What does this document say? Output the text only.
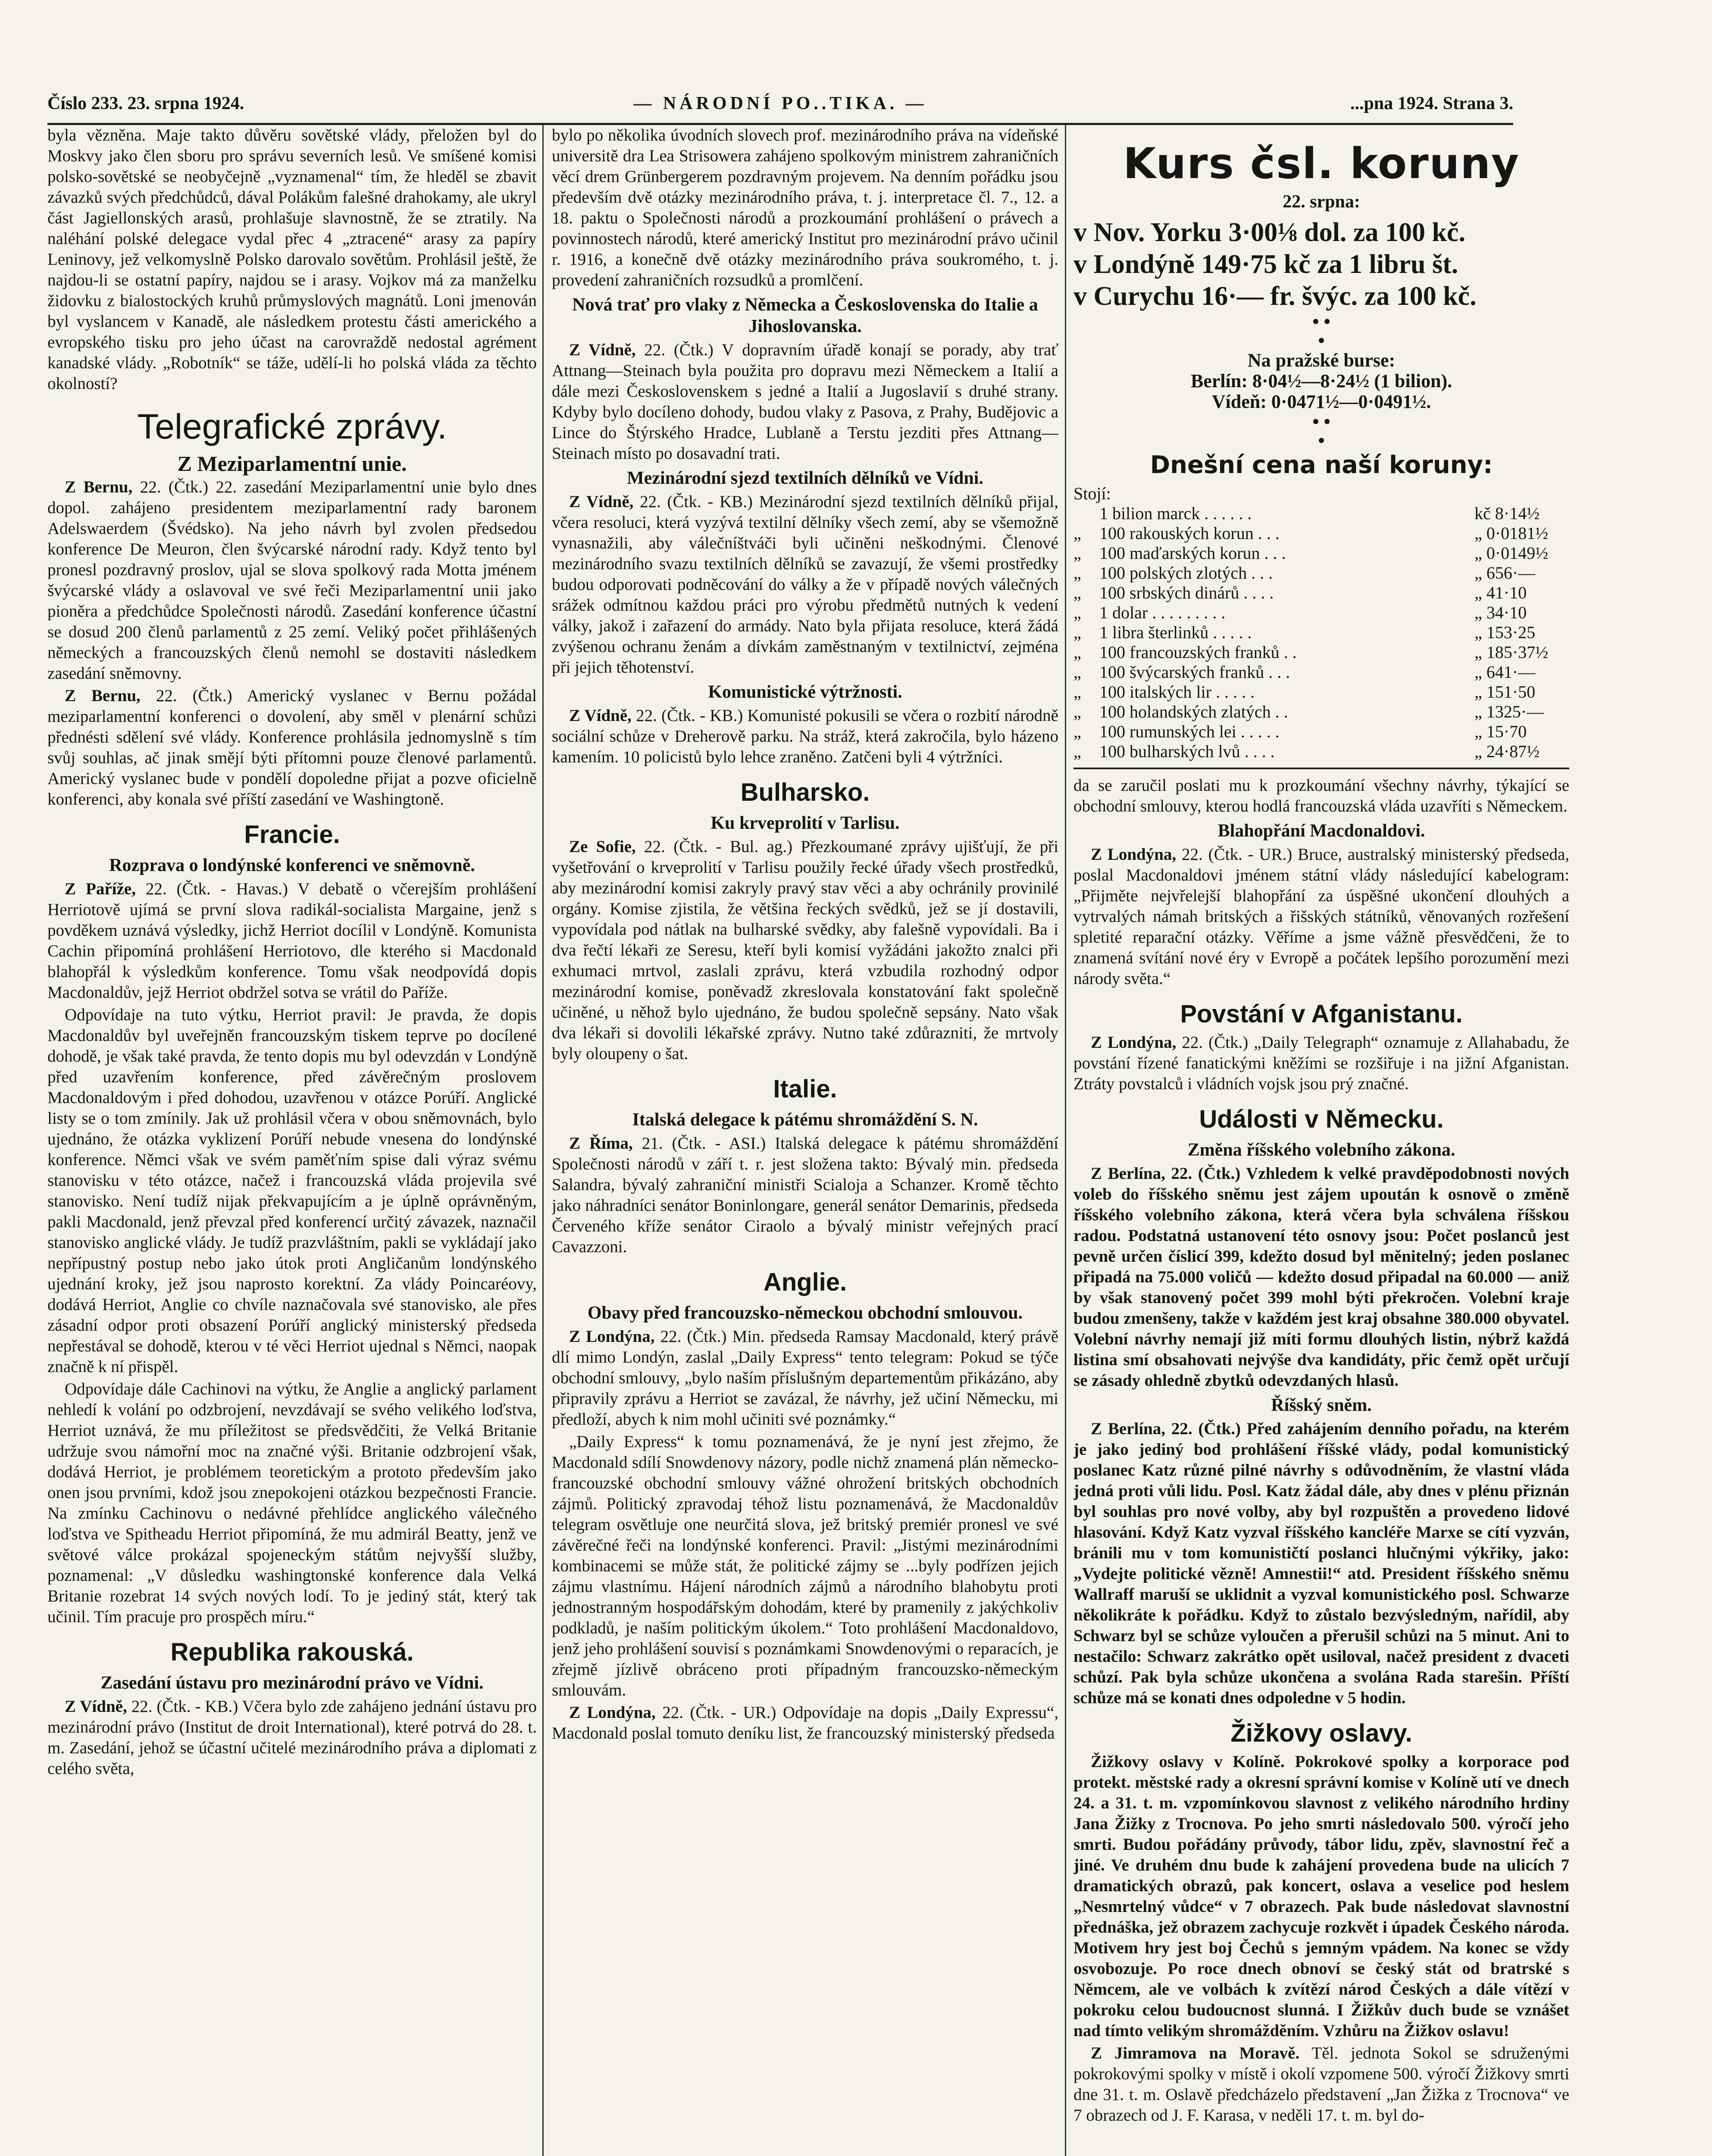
Číslo 233. 23. srpna 1924.	— NÁRODNÍ PO..TIKA. —	...pna 1924. Strana 3.

byla vězněna. Maje takto důvěru sovětské vlády, přeložen byl do Moskvy jako člen sboru pro správu severních lesů. Ve smíšené komisi polsko-sovětské se neobyčejně „vyznamenal“ tím, že hleděl se zbavit závazků svých předchůdců, dával Polákům falešné drahokamy, ale ukryl část Jagiellonských arasů, prohlašuje slavnostně, že se ztratily. Na naléhání polské delegace vydal přec 4 „ztracené“ arasy za papíry Leninovy, jež velkomyslně Polsko darovalo sovětům. Prohlásil ještě, že najdou-li se ostatní papíry, najdou se i arasy. Vojkov má za manželku židovku z bialostockých kruhů průmyslových magnátů. Loni jmenován byl vyslancem v Kanadě, ale následkem protestu části amerického a evropského tisku pro jeho účast na carovraždě nedostal agrément kanadské vlády. „Robotník“ se táže, udělí-li ho polská vláda za těchto okolností?

Telegrafické zprávy.
Z Meziparlamentní unie.

Z Bernu, 22. (Čtk.) 22. zasedání Meziparlamentní unie bylo dnes dopol. zahájeno presidentem meziparlamentní rady baronem Adelswaerdem (Švédsko). Na jeho návrh byl zvolen předsedou konference De Meuron, člen švýcarské národní rady. Když tento byl pronesl pozdravný proslov, ujal se slova spolkový rada Motta jménem švýcarské vlády a oslavoval ve své řeči Meziparlamentní unii jako pioněra a předchůdce Společnosti národů. Zasedání konference účastní se dosud 200 členů parlamentů z 25 zemí. Veliký počet přihlášených německých a francouzských členů nemohl se dostaviti následkem zasedání sněmovny.

Z Bernu, 22. (Čtk.) Americký vyslanec v Bernu požádal meziparlamentní konferenci o dovolení, aby směl v plenární schůzi přednésti sdělení své vlády. Konference prohlásila jednomyslně s tím svůj souhlas, ač jinak smějí býti přítomni pouze členové parlamentů. Americký vyslanec bude v pondělí dopoledne přijat a pozve oficielně konferenci, aby konala své příští zasedání ve Washingtoně.

Francie.
Rozprava o londýnské konferenci ve sněmovně.

Z Paříže, 22. (Čtk. - Havas.) V debatě o včerejším prohlášení Herriotově ujímá se první slova radikál-socialista Margaine, jenž s povděkem uznává výsledky, jichž Herriot docílil v Londýně. Komunista Cachin připomíná prohlášení Herriotovo, dle kterého si Macdonald blahopřál k výsledkům konference. Tomu však neodpovídá dopis Macdonaldův, jejž Herriot obdržel sotva se vrátil do Paříže.

Odpovídaje na tuto výtku, Herriot pravil: Je pravda, že dopis Macdonaldův byl uveřejněn francouzským tiskem teprve po docílené dohodě, je však také pravda, že tento dopis mu byl odevzdán v Londýně před uzavřením konference, před závěrečným proslovem Macdonaldovým i před dohodou, uzavřenou v otázce Porúří. Anglické listy se o tom zmínily. Jak už prohlásil včera v obou sněmovnách, bylo ujednáno, že otázka vyklizení Porúří nebude vnesena do londýnské konference. Němci však ve svém paměťním spise dali výraz svému stanovisku v této otázce, načež i francouzská vláda projevila své stanovisko. Není tudíž nijak překvapujícím a je úplně oprávněným, pakli Macdonald, jenž převzal před konferencí určitý závazek, naznačil stanovisko anglické vlády. Je tudíž prazvláštním, pakli se vykládají jako nepřípustný postup nebo jako útok proti Angličanům londýnského ujednání kroky, jež jsou naprosto korektní. Za vlády Poincaréovy, dodává Herriot, Anglie co chvíle naznačovala své stanovisko, ale přes zásadní odpor proti obsazení Porúří anglický ministerský předseda nepřestával se dohodě, kterou v té věci Herriot ujednal s Němci, naopak značně k ní přispěl.

Odpovídaje dále Cachinovi na výtku, že Anglie a anglický parlament nehledí k volání po odzbrojení, nevzdávají se svého velikého loďstva, Herriot uznává, že mu příležitost se předsvědčiti, že Velká Britanie udržuje svou námořní moc na značné výši. Britanie odzbrojení však, dodává Herriot, je problémem teoretickým a prototo především jako onen jsou prvními, kdož jsou znepokojeni otázkou bezpečnosti Francie. Na zmínku Cachinovu o nedávné přehlídce anglického válečného loďstva ve Spitheadu Herriot připomíná, že mu admirál Beatty, jenž ve světové válce prokázal spojeneckým státům nejvyšší služby, poznamenal: „V důsledku washingtonské konference dala Velká Britanie rozebrat 14 svých nových lodí. To je jediný stát, který tak učinil. Tím pracuje pro prospěch míru.“

Republika rakouská.
Zasedání ústavu pro mezinárodní právo ve Vídni.

Z Vídně, 22. (Čtk. - KB.) Včera bylo zde zahájeno jednání ústavu pro mezinárodní právo (Institut de droit International), které potrvá do 28. t. m. Zasedání, jehož se účastní učitelé mezinárodního práva a diplomati z celého světa,

bylo po několika úvodních slovech prof. mezinárodního práva na vídeňské universitě dra Lea Strisowera zahájeno spolkovým ministrem zahraničních věcí drem Grünbergerem pozdravným projevem. Na denním pořádku jsou především dvě otázky mezinárodního práva, t. j. interpretace čl. 7., 12. a 18. paktu o Společnosti národů a prozkoumání prohlášení o právech a povinnostech národů, které americký Institut pro mezinárodní právo učinil r. 1916, a konečně dvě otázky mezinárodního práva soukromého, t. j. provedení zahraničních rozsudků a promlčení.

Nová trať pro vlaky z Německa a Československa do Italie a Jihoslovanska.

Z Vídně, 22. (Čtk.) V dopravním úřadě konají se porady, aby trať Attnang—Steinach byla použita pro dopravu mezi Německem a Italií a dále mezi Československem s jedné a Italií a Jugoslavií s druhé strany. Kdyby bylo docíleno dohody, budou vlaky z Pasova, z Prahy, Budějovic a Lince do Štýrského Hradce, Lublaně a Terstu jezditi přes Attnang—Steinach místo po dosavadní trati.

Mezinárodní sjezd textilních dělníků ve Vídni.

Z Vídně, 22. (Čtk. - KB.) Mezinárodní sjezd textilních dělníků přijal, včera resoluci, která vyzývá textilní dělníky všech zemí, aby se všemožně vynasnažili, aby válečníštváči byli učiněni neškodnými. Členové mezinárodního svazu textilních dělníků se zavazují, že všemi prostředky budou odporovati podněcování do války a že v případě nových válečných srážek odmítnou každou práci pro výrobu předmětů nutných k vedení války, jakož i zařazení do armády. Nato byla přijata resoluce, která žádá zvýšenou ochranu ženám a dívkám zaměstnaným v textilnictví, zejména při jejich těhotenství.

Komunistické výtržnosti.

Z Vídně, 22. (Čtk. - KB.) Komunisté pokusili se včera o rozbití národně sociální schůze v Dreherově parku. Na stráž, která zakročila, bylo házeno kamením. 10 policistů bylo lehce zraněno. Zatčeni byli 4 výtržníci.

Bulharsko.
Ku krveprolití v Tarlisu.

Ze Sofie, 22. (Čtk. - Bul. ag.) Přezkoumané zprávy ujišťují, že při vyšetřování o krveprolití v Tarlisu použily řecké úřady všech prostředků, aby mezinárodní komisi zakryly pravý stav věci a aby ochránily provinilé orgány. Komise zjistila, že většina řeckých svědků, jež se jí dostavili, vypovídala pod nátlak na bulharské svědky, aby falešně vypovídali. Ba i dva řečtí lékaři ze Seresu, kteří byli komisí vyžádáni jakožto znalci při exhumaci mrtvol, zaslali zprávu, která vzbudila rozhodný odpor mezinárodní komise, poněvadž zkreslovala konstatování fakt společně učiněné, u něhož bylo ujednáno, že budou společně sepsány. Nato však dva lékaři si dovolili lékařské zprávy. Nutno také zdůrazniti, že mrtvoly byly oloupeny o šat.

Italie.
Italská delegace k pátému shromáždění S. N.

Z Říma, 21. (Čtk. - ASI.) Italská delegace k pátému shromáždění Společnosti národů v září t. r. jest složena takto: Bývalý min. předseda Salandra, bývalý zahraniční ministři Scialoja a Schanzer. Kromě těchto jako náhradníci senátor Boninlongare, generál senátor Demarinis, předseda Červeného kříže senátor Ciraolo a bývalý ministr veřejných prací Cavazzoni.

Anglie.
Obavy před francouzsko-německou obchodní smlouvou.

Z Londýna, 22. (Čtk.) Min. předseda Ramsay Macdonald, který právě dlí mimo Londýn, zaslal „Daily Express“ tento telegram: Pokud se týče obchodní smlouvy, „bylo naším příslušným departementům přikázáno, aby připravily zprávu a Herriot se zavázal, že návrhy, jež učiní Německu, mi předloží, abych k nim mohl učiniti své poznámky.“

„Daily Express“ k tomu poznamenává, že je nyní jest zřejmo, že Macdonald sdílí Snowdenovy názory, podle nichž znamená plán německo-francouzské obchodní smlouvy vážné ohrožení britských obchodních zájmů. Politický zpravodaj téhož listu poznamenává, že Macdonaldův telegram osvětluje one neurčitá slova, jež britský premiér pronesl ve své závěrečné řeči na londýnské konferenci. Pravil: „Jistými mezinárodními kombinacemi se může stát, že politické zájmy se ...byly podřízen jejich zájmu vlastnímu. Hájení národních zájmů a národního blahobytu proti jednostranným hospodářským dohodám, které by pramenily z jakýchkoliv podkladů, je naším politickým úkolem.“ Toto prohlášení Macdonaldovo, jenž jeho prohlášení souvisí s poznámkami Snowdenovými o reparacích, je zřejmě jízlivě obráceno proti případným francouzsko-německým smlouvám.

Z Londýna, 22. (Čtk. - UR.) Odpovídaje na dopis „Daily Expressu“, Macdonald poslal tomuto deníku list, že francouzský ministerský předseda

Kurs čsl. koruny
22. srpna:
v Nov. Yorku 3·00⅛ dol. za 100 kč.
v Londýně 149·75 kč za 1 libru št.
v Curychu 16·— fr. švýc. za 100 kč.
• •
•
Na pražské burse:
Berlín: 8·04½—8·24½ (1 bilion).
Vídeň: 0·0471½—0·0491½.
• •
•
Dnešní cena naší koruny:
Stojí:
1 bilion marck . . . . . .	kč 8·14½
„	100 rakouských korun . . .	„ 0·0181½
„	100 maďarských korun . . .	„ 0·0149½
„	100 polských zlotých . . .	„ 656·—
„	100 srbských dinárů . . . .	„ 41·10
„	1 dolar . . . . . . . . .	„ 34·10
„	1 libra šterlinků . . . . .	„ 153·25
„	100 francouzských franků . .	„ 185·37½
„	100 švýcarských franků . . .	„ 641·—
„	100 italských lir . . . . .	„ 151·50
„	100 holandských zlatých . .	„ 1325·—
„	100 rumunských lei . . . . .	„ 15·70
„	100 bulharských lvů . . . .	„ 24·87½

da se zaručil poslati mu k prozkoumání všechny návrhy, týkající se obchodní smlouvy, kterou hodlá francouzská vláda uzavříti s Německem.

Blahopřání Macdonaldovi.

Z Londýna, 22. (Čtk. - UR.) Bruce, australský ministerský předseda, poslal Macdonaldovi jménem státní vlády následující kabelogram: „Přijměte nejvřelejší blahopřání za úspěšné ukončení dlouhých a vytrvalých námah britských a řišských státníků, věnovaných rozřešení spletité reparační otázky. Věříme a jsme vážně přesvědčeni, že to znamená svítání nové éry v Evropě a počátek lepšího porozumění mezi národy světa.“

Povstání v Afganistanu.

Z Londýna, 22. (Čtk.) „Daily Telegraph“ oznamuje z Allahabadu, že povstání řízené fanatickými kněžími se rozšiřuje i na jižní Afganistan. Ztráty povstalců i vládních vojsk jsou prý značné.

Události v Německu.
Změna říšského volebního zákona.

Z Berlína, 22. (Čtk.) Vzhledem k velké pravděpodobnosti nových voleb do říšského sněmu jest zájem upoután k osnově o změně říšského volebního zákona, která včera byla schválena říšskou radou. Podstatná ustanovení této osnovy jsou: Počet poslanců jest pevně určen číslicí 399, kdežto dosud byl měnitelný; jeden poslanec připadá na 75.000 voličů — kdežto dosud připadal na 60.000 — aniž by však stanovený počet 399 mohl býti překročen. Volební kraje budou zmenšeny, takže v každém jest kraj obsahne 380.000 obyvatel. Volební návrhy nemají již míti formu dlouhých listin, nýbrž každá listina smí obsahovati nejvýše dva kandidáty, přic čemž opět určují se zásady ohledně zbytků odevzdaných hlasů.

Říšský sněm.

Z Berlína, 22. (Čtk.) Před zahájením denního pořadu, na kterém je jako jediný bod prohlášení říšské vlády, podal komunistický poslanec Katz různé pilné návrhy s odůvodněním, že vlastní vláda jedná proti vůli lidu. Posl. Katz žádal dále, aby dnes v plénu přiznán byl souhlas pro nové volby, aby byl rozpuštěn a provedeno lidové hlasování. Když Katz vyzval říšského kancléře Marxe se cítí vyzván, bránili mu v tom komunističtí poslanci hlučnými výkřiky, jako: „Vydejte politické vězně! Amnestii!“ atd. President říšského sněmu Wallraff maruší se uklidnit a vyzval komunistického posl. Schwarze několikráte k pořádku. Když to zůstalo bezvýsledným, nařídil, aby Schwarz byl se schůze vyloučen a přerušil schůzi na 5 minut. Ani to nestačilo: Schwarz zakrátko opět usiloval, načež president z dvaceti schůzí. Pak byla schůze ukončena a svolána Rada starešin. Příští schůze má se konati dnes odpoledne v 5 hodin.

Žižkovy oslavy.

Žižkovy oslavy v Kolíně. Pokrokové spolky a korporace pod protekt. městské rady a okresní správní komise v Kolíně utí ve dnech 24. a 31. t. m. vzpomínkovou slavnost z velikého národního hrdiny Jana Žižky z Trocnova. Po jeho smrti následovalo 500. výročí jeho smrti. Budou pořádány průvody, tábor lidu, zpěv, slavnostní řeč a jiné. Ve druhém dnu bude k zahájení provedena bude na ulicích 7 dramatických obrazů, pak koncert, oslava a veselice pod heslem „Nesmrtelný vůdce“ v 7 obrazech. Pak bude následovat slavnostní přednáška, jež obrazem zachycuje rozkvět i úpadek Českého národa. Motivem hry jest boj Čechů s jemným vpádem. Na konec se vždy osvobozuje. Po roce dnech obnoví se český stát od bratrské s Němcem, ale ve volbách k zvítězí národ Českých a dále vítězí v pokroku celou budoucnost slunná. I Žižkův duch bude se vznášet nad tímto velikým shromážděním. Vzhůru na Žižkov oslavu!

Z Jimramova na Moravě. Těl. jednota Sokol se sdruženými pokrokovými spolky v místě i okolí vzpomene 500. výročí Žižkovy smrti dne 31. t. m. Oslavě předcházelo představení „Jan Žižka z Trocnova“ ve 7 obrazech od J. F. Karasa, v neděli 17. t. m. byl do-
